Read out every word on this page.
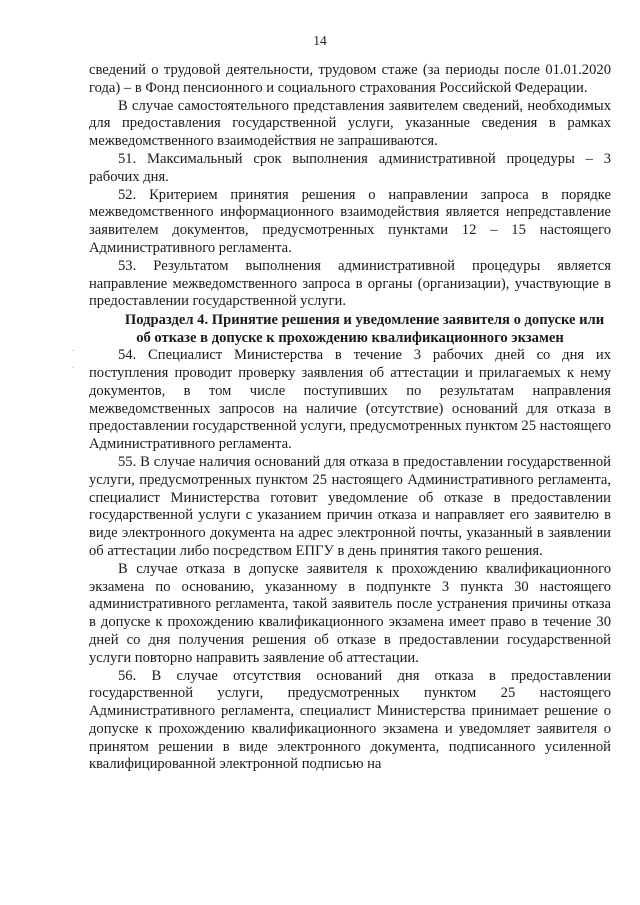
14
⸱
⸱

сведений о трудовой деятельности, трудовом стаже (за периоды после 01.01.2020 года) – в Фонд пенсионного и социального страхования Российской Федерации.

В случае самостоятельного представления заявителем сведений, необходимых для предоставления государственной услуги, указанные сведения в рамках межведомственного взаимодействия не запрашиваются.

51. Максимальный срок выполнения административной процедуры – 3 рабочих дня.

52. Критерием принятия решения о направлении запроса в порядке межведомственного информационного взаимодействия является непредставление заявителем документов, предусмотренных пунктами 12 – 15 настоящего Административного регламента.

53. Результатом выполнения административной процедуры является направление межведомственного запроса в органы (организации), участвующие в предоставлении государственной услуги.

Подраздел 4. Принятие решения и уведомление заявителя о допуске или об отказе в допуске к прохождению квалификационного экзамен

54. Специалист Министерства в течение 3 рабочих дней со дня их поступления проводит проверку заявления об аттестации и прилагаемых к нему документов, в том числе поступивших по результатам направления межведомственных запросов на наличие (отсутствие) оснований для отказа в предоставлении государственной услуги, предусмотренных пунктом 25 настоящего Административного регламента.

55. В случае наличия оснований для отказа в предоставлении государственной услуги, предусмотренных пунктом 25 настоящего Административного регламента, специалист Министерства готовит уведомление об отказе в предоставлении государственной услуги с указанием причин отказа и направляет его заявителю в виде электронного документа на адрес электронной почты, указанный в заявлении об аттестации либо посредством ЕПГУ в день принятия такого решения.

В случае отказа в допуске заявителя к прохождению квалификационного экзамена по основанию, указанному в подпункте 3 пункта 30 настоящего административного регламента, такой заявитель после устранения причины отказа в допуске к прохождению квалификационного экзамена имеет право в течение 30 дней со дня получения решения об отказе в предоставлении государственной услуги повторно направить заявление об аттестации.

56. В случае отсутствия оснований дня отказа в предоставлении государственной услуги, предусмотренных пунктом 25 настоящего Административного регламента, специалист Министерства принимает решение о допуске к прохождению квалификационного экзамена и уведомляет заявителя о принятом решении в виде электронного документа, подписанного усиленной квалифицированной электронной подписью на
